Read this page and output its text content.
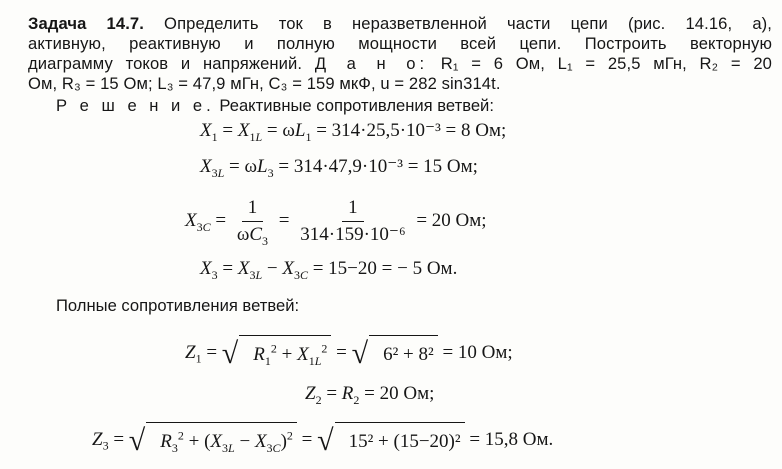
Задача 14.7. Определить ток в неразветвленной части цепи (рис. 14.16, а),
активную, реактивную и полную мощности всей цепи. Построить векторную
диаграмму токов и напряжений. Д а н о: R₁ = 6 Ом, L₁ = 25,5 мГн, R₂ = 20
Ом, R₃ = 15 Ом; L₃ = 47,9 мГн, C₃ = 159 мкФ, u = 282 sin314t.
Р е ш е н и е. Реактивные сопротивления ветвей:
$X_1 = X_{1L} = \omega L_1 = 314\cdot 25,5\cdot 10^{-3} = 8$ Ом;
$X_{3L} = \omega L_3 = 314\cdot 47,9\cdot 10^{-3} = 15$ Ом;
$X_{3C} = \frac{1}{\omega C_3} = \frac{1}{\text{314·159·10⁻⁶}} = 20$ Ом;
$X_3 = X_{3L} - X_{3C} = 15-20$ = − 5 Ом.
Полные сопротивления ветвей:
$Z_1$ = √ $R_1^2 + X_{1L}^2$ = √ 6² + 8² = 10 Ом;
$Z_2 = R_2 = 20$ Ом;
$Z_3$ = √ $R_3^2 + (X_{3L} - X_{3C})^2$ = √ 15² + (15−20)² = 15,8 Ом.
